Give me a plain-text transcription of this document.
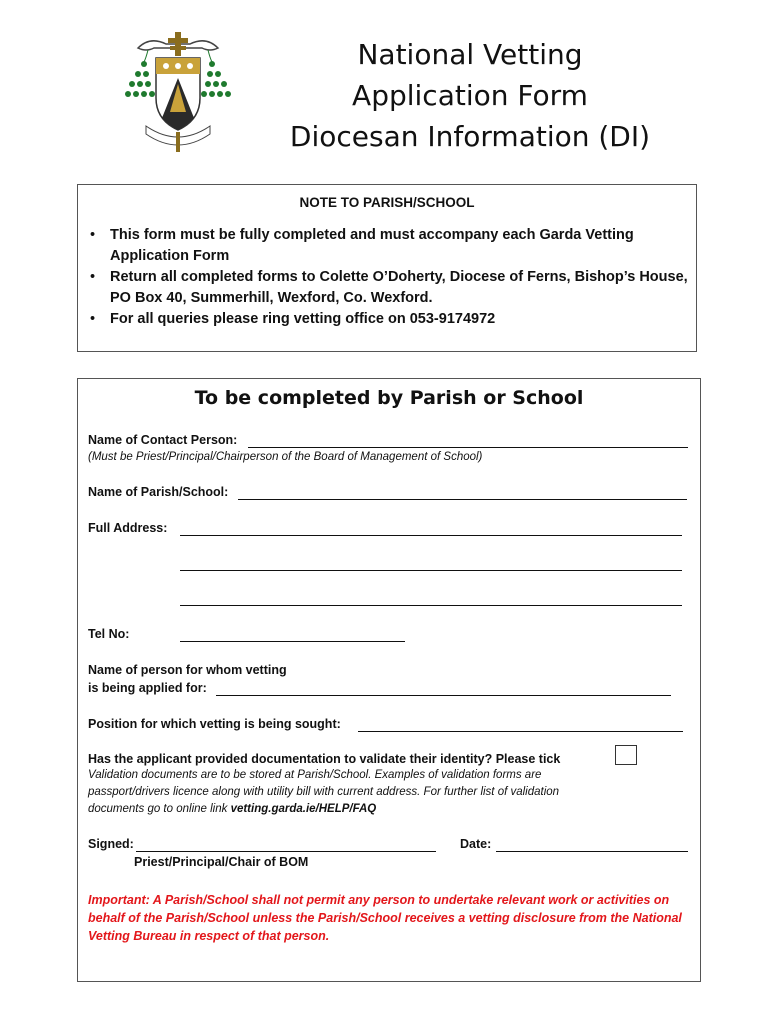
National Vetting
Application Form
Diocesan Information (DI)
NOTE TO PARISH/SCHOOL
• This form must be fully completed and must accompany each Garda Vetting Application Form
• Return all completed forms to Colette O’Doherty, Diocese of Ferns, Bishop’s House, PO Box 40, Summerhill, Wexford, Co. Wexford.
• For all queries please ring vetting office on 053-9174972
To be completed by Parish or School
Name of Contact Person:
(Must be Priest/Principal/Chairperson of the Board of Management of School)
Name of Parish/School:
Full Address:
Tel No:
Name of person for whom vetting
is being applied for:
Position for which vetting is being sought:
Has the applicant provided documentation to validate their identity? Please tick
Validation documents are to be stored at Parish/School. Examples of validation forms are
passport/drivers licence along with utility bill with current address. For further list of validation
documents go to online link vetting.garda.ie/HELP/FAQ
Signed:
Priest/Principal/Chair of BOM
Date:
Important: A Parish/School shall not permit any person to undertake relevant work or activities on behalf of the Parish/School unless the Parish/School receives a vetting disclosure from the National Vetting Bureau in respect of that person.
